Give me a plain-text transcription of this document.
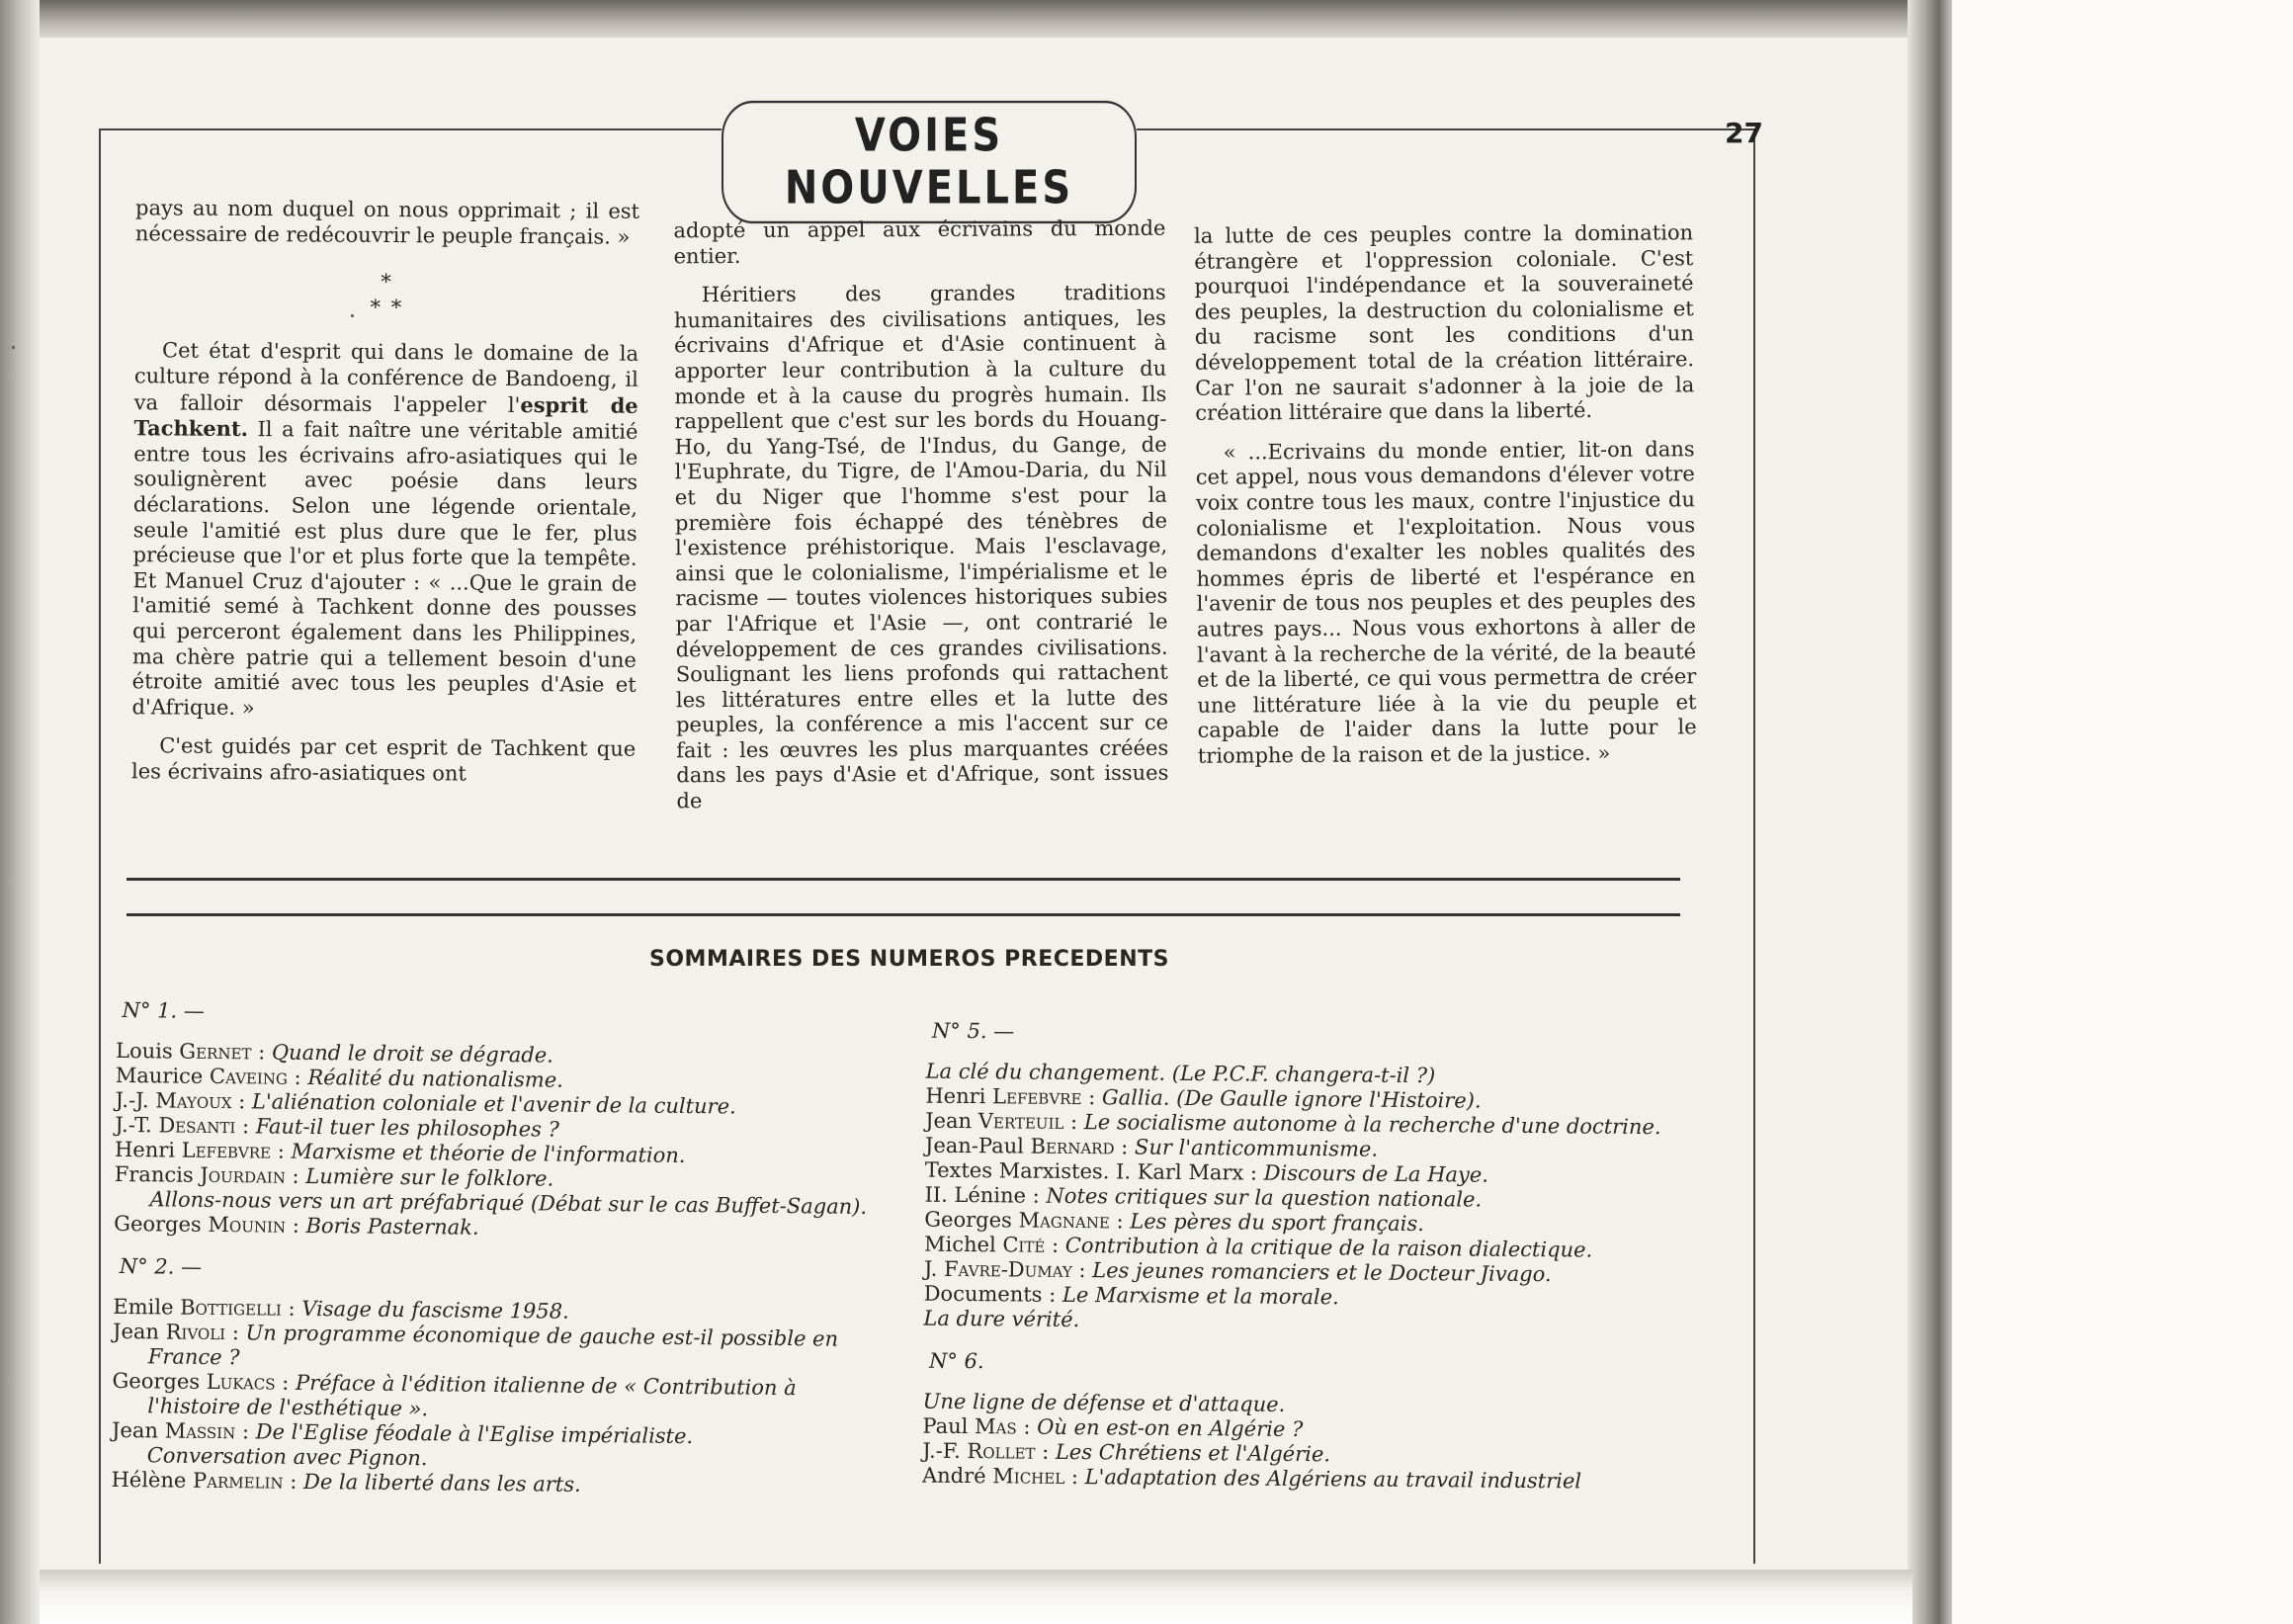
VOIES NOUVELLES
27

pays au nom duquel on nous opprimait ; il est nécessaire de redécouvrir le peuple français. »

*
* *

Cet état d'esprit qui dans le domaine de la culture répond à la conférence de Bandoeng, il va falloir désormais l'appeler l'esprit de Tachkent. Il a fait naître une véritable amitié entre tous les écrivains afro-asiatiques qui le soulignèrent avec poésie dans leurs déclarations. Selon une légende orientale, seule l'amitié est plus dure que le fer, plus précieuse que l'or et plus forte que la tempête. Et Manuel Cruz d'ajouter : « ...Que le grain de l'amitié semé à Tachkent donne des pousses qui perceront également dans les Philippines, ma chère patrie qui a tellement besoin d'une étroite amitié avec tous les peuples d'Asie et d'Afrique. »

C'est guidés par cet esprit de Tachkent que les écrivains afro-asiatiques ont

adopté un appel aux écrivains du monde entier.

Héritiers des grandes traditions humanitaires des civilisations antiques, les écrivains d'Afrique et d'Asie continuent à apporter leur contribution à la culture du monde et à la cause du progrès humain. Ils rappellent que c'est sur les bords du Houang-Ho, du Yang-Tsé, de l'Indus, du Gange, de l'Euphrate, du Tigre, de l'Amou-Daria, du Nil et du Niger que l'homme s'est pour la première fois échappé des ténèbres de l'existence préhistorique. Mais l'esclavage, ainsi que le colonialisme, l'impérialisme et le racisme — toutes violences historiques subies par l'Afrique et l'Asie —, ont contrarié le développement de ces grandes civilisations. Soulignant les liens profonds qui rattachent les littératures entre elles et la lutte des peuples, la conférence a mis l'accent sur ce fait : les œuvres les plus marquantes créées dans les pays d'Asie et d'Afrique, sont issues de

la lutte de ces peuples contre la domination étrangère et l'oppression coloniale. C'est pourquoi l'indépendance et la souveraineté des peuples, la destruction du colonialisme et du racisme sont les conditions d'un développement total de la création littéraire. Car l'on ne saurait s'adonner à la joie de la création littéraire que dans la liberté.

« ...Ecrivains du monde entier, lit-on dans cet appel, nous vous demandons d'élever votre voix contre tous les maux, contre l'injustice du colonialisme et l'exploitation. Nous vous demandons d'exalter les nobles qualités des hommes épris de liberté et l'espérance en l'avenir de tous nos peuples et des peuples des autres pays... Nous vous exhortons à aller de l'avant à la recherche de la vérité, de la beauté et de la liberté, ce qui vous permettra de créer une littérature liée à la vie du peuple et capable de l'aider dans la lutte pour le triomphe de la raison et de la justice. »

SOMMAIRES DES NUMEROS PRECEDENTS
N° 1. —
Louis Gernet : Quand le droit se dégrade.
Maurice Caveing : Réalité du nationalisme.
J.-J. Mayoux : L'aliénation coloniale et l'avenir de la culture.
J.-T. Desanti : Faut-il tuer les philosophes ?
Henri Lefebvre : Marxisme et théorie de l'information.
Francis Jourdain : Lumière sur le folklore.
Allons-nous vers un art préfabriqué (Débat sur le cas Buffet-Sagan).
Georges Mounin : Boris Pasternak.
N° 2. —
Emile Bottigelli : Visage du fascisme 1958.
Jean Rivoli : Un programme économique de gauche est-il possible en France ?
Georges Lukacs : Préface à l'édition italienne de « Contribution à l'histoire de l'esthétique ».
Jean Massin : De l'Eglise féodale à l'Eglise impérialiste.
Conversation avec Pignon.
Hélène Parmelin : De la liberté dans les arts.
N° 5. —
La clé du changement. (Le P.C.F. changera-t-il ?)
Henri Lefebvre : Gallia. (De Gaulle ignore l'Histoire).
Jean Verteuil : Le socialisme autonome à la recherche d'une doctrine.
Jean-Paul Bernard : Sur l'anticommunisme.
Textes Marxistes. I. Karl Marx : Discours de La Haye.
II. Lénine : Notes critiques sur la question nationale.
Georges Magnane : Les pères du sport français.
Michel Cité : Contribution à la critique de la raison dialectique.
J. Favre-Dumay : Les jeunes romanciers et le Docteur Jivago.
Documents : Le Marxisme et la morale.
La dure vérité.
N° 6.
Une ligne de défense et d'attaque.
Paul Mas : Où en est-on en Algérie ?
J.-F. Rollet : Les Chrétiens et l'Algérie.
André Michel : L'adaptation des Algériens au travail industriel
